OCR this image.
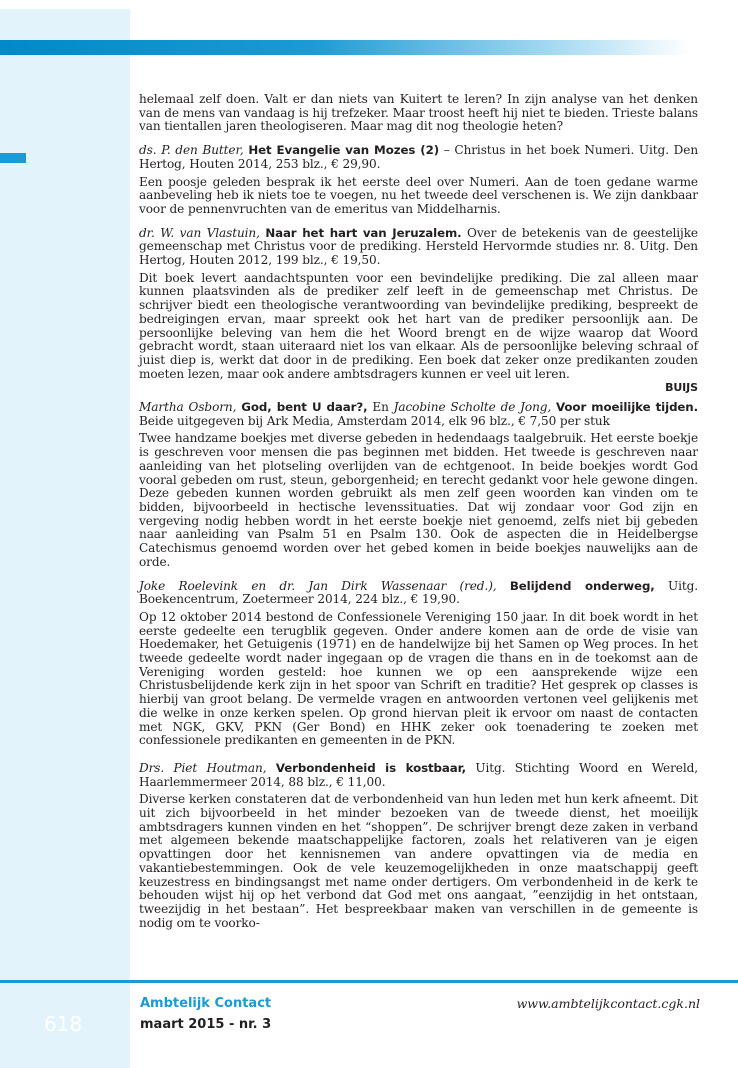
helemaal zelf doen. Valt er dan niets van Kuitert te leren? In zijn analyse van het denken van de mens van vandaag is hij trefzeker. Maar troost heeft hij niet te bieden. Trieste balans van tientallen jaren theologiseren. Maar mag dit nog theologie heten?

ds. P. den Butter, Het Evangelie van Mozes (2) – Christus in het boek Numeri. Uitg. Den Hertog, Houten 2014, 253 blz., € 29,90.

Een poosje geleden besprak ik het eerste deel over Numeri. Aan de toen gedane warme aanbeveling heb ik niets toe te voegen, nu het tweede deel verschenen is. We zijn dankbaar voor de pennenvruchten van de emeritus van Middelharnis.

dr. W. van Vlastuin, Naar het hart van Jeruzalem. Over de betekenis van de geestelijke gemeenschap met Christus voor de prediking. Hersteld Hervormde studies nr. 8. Uitg. Den Hertog, Houten 2012, 199 blz., € 19,50.

Dit boek levert aandachtspunten voor een bevindelijke prediking. Die zal alleen maar kunnen plaatsvinden als de prediker zelf leeft in de gemeenschap met Christus. De schrijver biedt een theologische verantwoording van bevindelijke prediking, bespreekt de bedreigingen ervan, maar spreekt ook het hart van de prediker persoonlijk aan. De persoonlijke beleving van hem die het Woord brengt en de wijze waarop dat Woord gebracht wordt, staan uiteraard niet los van elkaar. Als de persoonlijke beleving schraal of juist diep is, werkt dat door in de prediking. Een boek dat zeker onze predikanten zouden moeten lezen, maar ook andere ambtsdragers kunnen er veel uit leren.

BUIJS

Martha Osborn, God, bent U daar?, En Jacobine Scholte de Jong, Voor moeilijke tijden. Beide uitgegeven bij Ark Media, Amsterdam 2014, elk 96 blz., € 7,50 per stuk

Twee handzame boekjes met diverse gebeden in hedendaags taalgebruik. Het eerste boekje is geschreven voor mensen die pas beginnen met bidden. Het tweede is geschreven naar aanleiding van het plotseling overlijden van de echtgenoot. In beide boekjes wordt God vooral gebeden om rust, steun, geborgenheid; en terecht gedankt voor hele gewone dingen. Deze gebeden kunnen worden gebruikt als men zelf geen woorden kan vinden om te bidden, bijvoorbeeld in hectische levenssituaties. Dat wij zondaar voor God zijn en vergeving nodig hebben wordt in het eerste boekje niet genoemd, zelfs niet bij gebeden naar aanleiding van Psalm 51 en Psalm 130. Ook de aspecten die in Heidelbergse Catechismus genoemd worden over het gebed komen in beide boekjes nauwelijks aan de orde.

Joke Roelevink en dr. Jan Dirk Wassenaar (red.), Belijdend onderweg, Uitg. Boekencentrum, Zoetermeer 2014, 224 blz., € 19,90.

Op 12 oktober 2014 bestond de Confessionele Vereniging 150 jaar. In dit boek wordt in het eerste gedeelte een terugblik gegeven. Onder andere komen aan de orde de visie van Hoedemaker, het Getuigenis (1971) en de handelwijze bij het Samen op Weg proces. In het tweede gedeelte wordt nader ingegaan op de vragen die thans en in de toekomst aan de Vereniging worden gesteld: hoe kunnen we op een aansprekende wijze een Christusbelijdende kerk zijn in het spoor van Schrift en traditie? Het gesprek op classes is hierbij van groot belang. De vermelde vragen en antwoorden vertonen veel gelijkenis met die welke in onze kerken spelen. Op grond hiervan pleit ik ervoor om naast de contacten met NGK, GKV, PKN (Ger Bond) en HHK zeker ook toenadering te zoeken met confessionele predikanten en gemeenten in de PKN.

Drs. Piet Houtman, Verbondenheid is kostbaar, Uitg. Stichting Woord en Wereld, Haarlemmermeer 2014, 88 blz., € 11,00.

Diverse kerken constateren dat de verbondenheid van hun leden met hun kerk afneemt. Dit uit zich bijvoorbeeld in het minder bezoeken van de tweede dienst, het moeilijk ambtsdragers kunnen vinden en het “shoppen”. De schrijver brengt deze zaken in verband met algemeen bekende maatschappelijke factoren, zoals het relativeren van je eigen opvattingen door het kennisnemen van andere opvattingen via de media en vakantiebestemmingen. Ook de vele keuzemogelijkheden in onze maatschappij geeft keuzestress en bindingsangst met name onder dertigers. Om verbondenheid in de kerk te behouden wijst hij op het verbond dat God met ons aangaat, ”eenzijdig in het ontstaan, tweezijdig in het bestaan”. Het bespreekbaar maken van verschillen in de gemeente is nodig om te voorko-

618
Ambtelijk Contact
maart 2015 - nr. 3
www.ambtelijkcontact.cgk.nl
